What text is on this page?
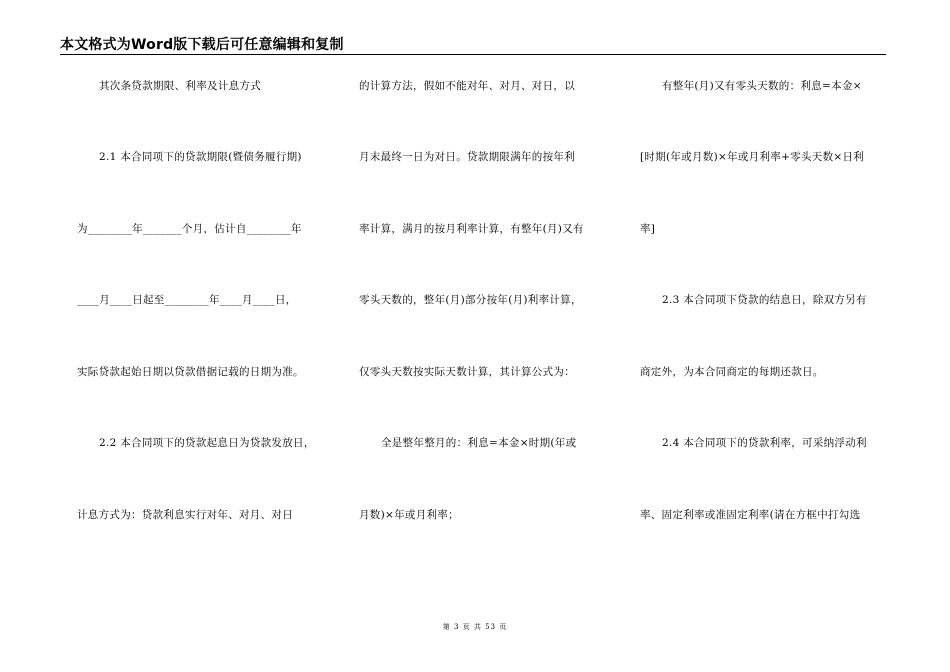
本文格式为Word版下载后可任意编辑和复制
其次条贷款期限、利率及计息方式
2.1 本合同项下的贷款期限(暨债务履行期)
为________年_______个月，估计自________年
____月____日起至________年____月____日，
实际贷款起始日期以贷款借据记载的日期为准。
2.2 本合同项下的贷款起息日为贷款发放日，
计息方式为：贷款利息实行对年、对月、对日
的计算方法，假如不能对年、对月、对日，以
月末最终一日为对日。贷款期限满年的按年利
率计算，满月的按月利率计算，有整年(月)又有
零头天数的，整年(月)部分按年(月)利率计算，
仅零头天数按实际天数计算，其计算公式为：
全是整年整月的：利息=本金×时期(年或
月数)×年或月利率；
有整年(月)又有零头天数的：利息=本金×
[时期(年或月数)×年或月利率+零头天数×日利
率]
2.3 本合同项下贷款的结息日，除双方另有
商定外，为本合同商定的每期还款日。
2.4 本合同项下的贷款利率，可采纳浮动利
率、固定利率或准固定利率(请在方框中打勾选
第 3 页 共 53 页
